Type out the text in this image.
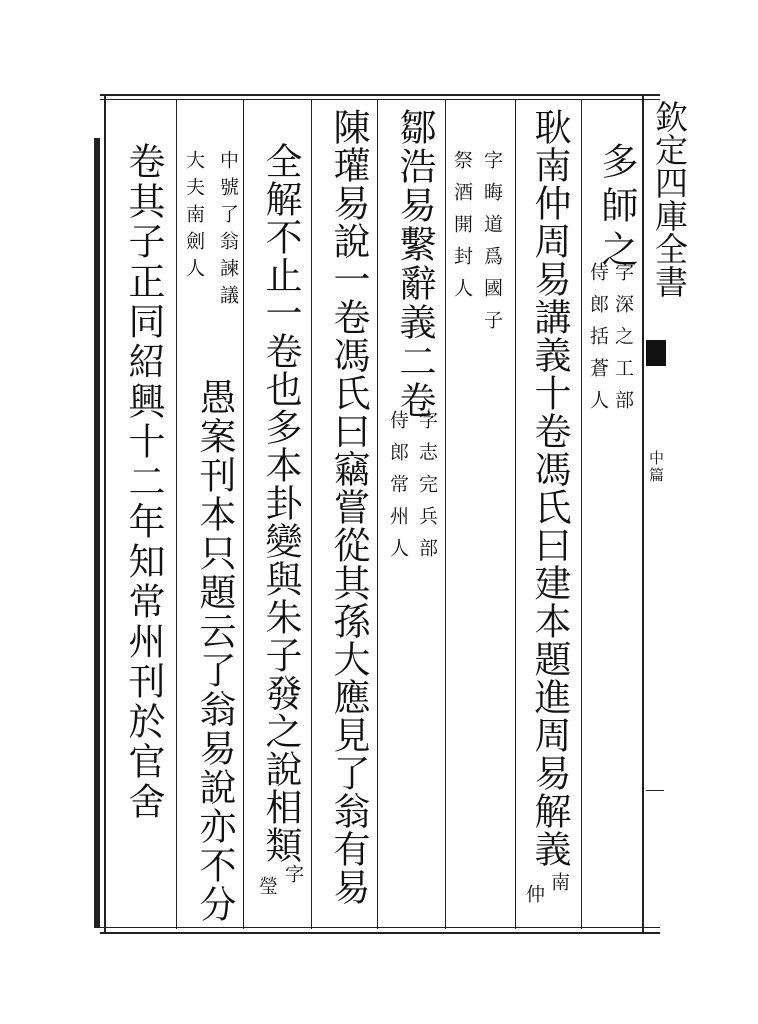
欽定四庫全書
中篇
多師之
字深之工部
侍郎括蒼人
耿南仲周易講義十卷馮氏曰建本題進周易解義
南
仲
字晦道爲國子
祭酒開封人
鄒浩易繫辭義二卷
字志完兵部
侍郎常州人
陳瓘易說一卷馮氏曰竊嘗從其孫大應見了翁有易
全解不止一卷也多本卦變與朱子發之說相類
字
瑩
中號了翁諫議
大夫南劍人
愚案刊本只題云了翁易說亦不分
卷其子正同紹興十二年知常州刊於官舍
